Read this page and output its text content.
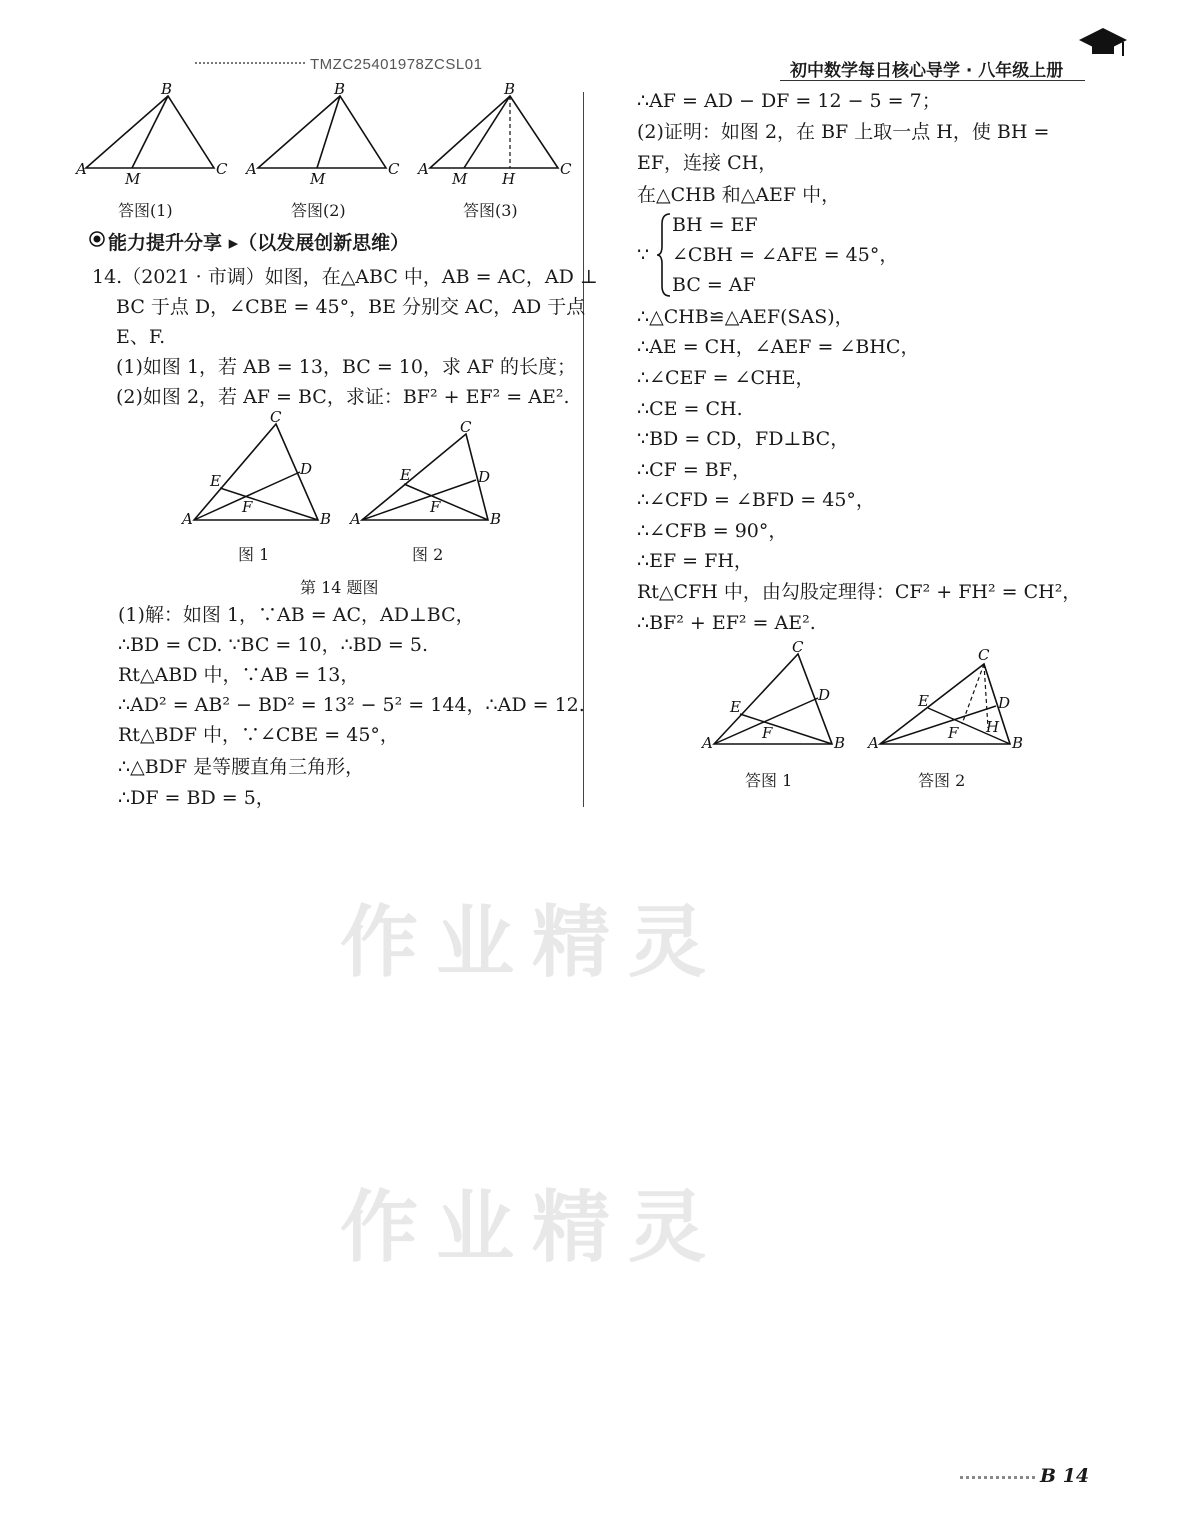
TMZC25401978ZCSL01	初中数学每日核心导学 · 八年级上册
作业精灵
作业精灵
B
A	C
M
B
A	C
M
B
A	C
M H
答图(1)	答图(2)	答图(3)
能力提升分享 ▸（以发展创新思维）
14.（2021 · 市调）如图，在△ABC 中，AB = AC，AD ⊥
BC 于点 D，∠CBE = 45°，BE 分别交 AC，AD 于点
E、F.
(1)如图 1，若 AB = 13，BC = 10，求 AF 的长度；
(2)如图 2，若 AF = BC，求证：BF² + EF² = AE².
C
A	B
E
D
F
C
A	B
E	D
F
图 1	图 2
第 14 题图
(1)解：如图 1，∵AB = AC，AD⊥BC，
∴BD = CD. ∵BC = 10，∴BD = 5.
Rt△ABD 中，∵AB = 13，
∴AD² = AB² − BD² = 13² − 5² = 144，∴AD = 12.
Rt△BDF 中，∵∠CBE = 45°，
∴△BDF 是等腰直角三角形，
∴DF = BD = 5，
∴AF = AD − DF = 12 − 5 = 7；
(2)证明：如图 2，在 BF 上取一点 H，使 BH =
EF，连接 CH，
在△CHB 和△AEF 中，
∵
BH = EF
∠CBH = ∠AFE = 45°，
BC = AF
∴△CHB≌△AEF(SAS)，
∴AE = CH，∠AEF = ∠BHC，
∴∠CEF = ∠CHE，
∴CE = CH.
∵BD = CD，FD⊥BC，
∴CF = BF，
∴∠CFD = ∠BFD = 45°，
∴∠CFB = 90°，
∴EF = FH，
Rt△CFH 中，由勾股定理得：CF² + FH² = CH²，
∴BF² + EF² = AE².
C
A	B
E
D
F
C
A	B
E	D
F H
答图 1	答图 2
B 14
